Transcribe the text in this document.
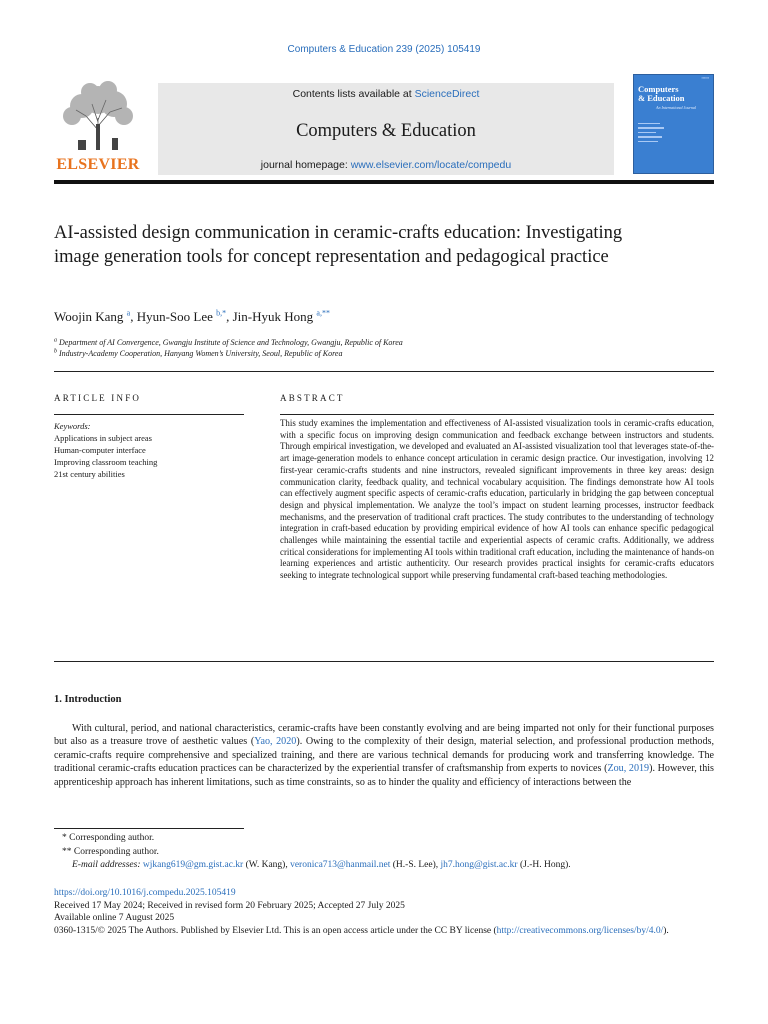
Computers & Education 239 (2025) 105419
ELSEVIER
Contents lists available at ScienceDirect
Computers & Education
journal homepage: www.elsevier.com/locate/compedu
▪▪▪▪▪▪
Computers
& Education
An International Journal
AI-assisted design communication in ceramic-crafts education: Investigating image generation tools for concept representation and pedagogical practice
Woojin Kang $^a$, Hyun-Soo Lee $^{b,*}$, Jin-Hyuk Hong $^{a,**}$
$^a$ Department of AI Convergence, Gwangju Institute of Science and Technology, Gwangju, Republic of Korea
$^b$ Industry-Academy Cooperation, Hanyang Women’s University, Seoul, Republic of Korea
ARTICLE INFO	ABSTRACT
Keywords:
Applications in subject areas
Human-computer interface
Improving classroom teaching
21st century abilities
This study examines the implementation and effectiveness of AI-assisted visualization tools in ceramic-crafts education, with a specific focus on improving design communication and feedback exchange between instructors and students. Through empirical investigation, we developed and evaluated an AI-assisted visualization tool that leverages state-of-the-art image-generation models to enhance concept articulation in ceramic design practice. Our investigation, involving 12 first-year ceramic-crafts students and nine instructors, revealed significant improvements in three key areas: design communication clarity, feedback quality, and technical vocabulary acquisition. The findings demonstrate how AI tools can effectively augment specific aspects of ceramic-crafts education, particularly in bridging the gap between conceptual design and physical implementation. We analyze the tool’s impact on student learning processes, instructor feedback mechanisms, and the preservation of traditional craft practices. The study contributes to the understanding of technology integration in craft-based education by providing empirical evidence of how AI tools can enhance specific pedagogical challenges while maintaining the essential tactile and experiential aspects of ceramic crafts. Additionally, we address critical considerations for implementing AI tools within traditional craft education, including the maintenance of hands-on learning experiences and artistic authenticity. Our research provides practical insights for ceramic-crafts educators seeking to integrate technological support while preserving fundamental craft-based teaching methodologies.
1. Introduction

With cultural, period, and national characteristics, ceramic-crafts have been constantly evolving and are being imparted not only for their functional purposes but also as a treasure trove of aesthetic values (Yao, 2020). Owing to the complexity of their design, material selection, and professional production methods, ceramic-crafts require comprehensive and specialized training, and there are various technical demands for producing work and transferring knowledge. The traditional ceramic-crafts education practices can be characterized by the experiential transfer of craftsmanship from experts to novices (Zou, 2019). However, this apprenticeship approach has inherent limitations, such as time constraints, so as to hinder the quality and efficiency of interactions between the

* Corresponding author.
** Corresponding author.
E-mail addresses: wjkang619@gm.gist.ac.kr (W. Kang), veronica713@hanmail.net (H.-S. Lee), jh7.hong@gist.ac.kr (J.-H. Hong).
https://doi.org/10.1016/j.compedu.2025.105419
Received 17 May 2024; Received in revised form 20 February 2025; Accepted 27 July 2025
Available online 7 August 2025
0360-1315/© 2025 The Authors. Published by Elsevier Ltd. This is an open access article under the CC BY license (http://creativecommons.org/licenses/by/4.0/).
